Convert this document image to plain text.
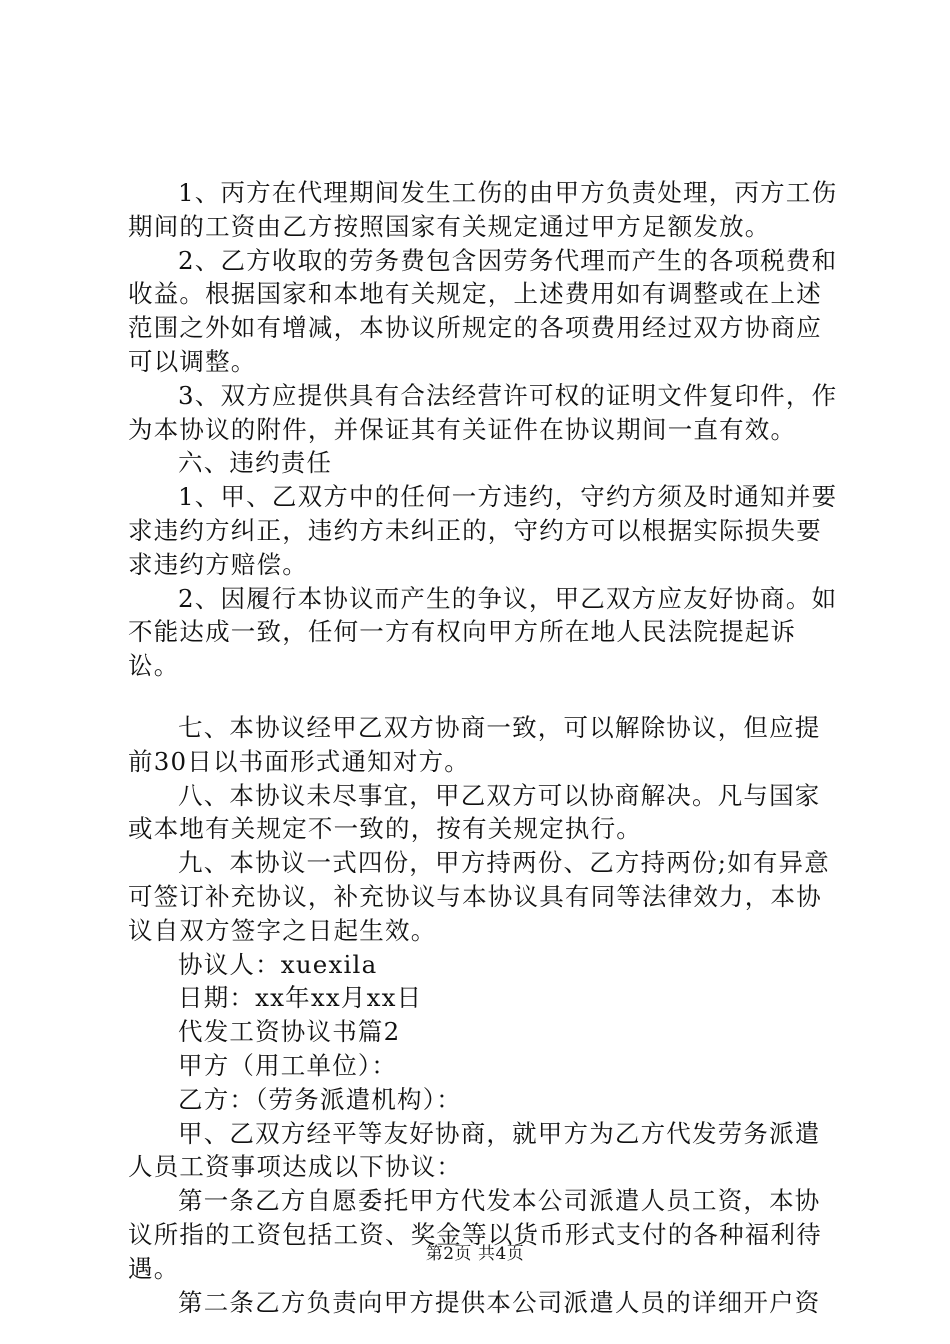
1、丙方在代理期间发生工伤的由甲方负责处理，丙方工伤期间的工资由乙方按照国家有关规定通过甲方足额发放。

2、乙方收取的劳务费包含因劳务代理而产生的各项税费和收益。根据国家和本地有关规定，上述费用如有调整或在上述范围之外如有增减，本协议所规定的各项费用经过双方协商应可以调整。

3、双方应提供具有合法经营许可权的证明文件复印件，作为本协议的附件，并保证其有关证件在协议期间一直有效。

六、违约责任

1、甲、乙双方中的任何一方违约，守约方须及时通知并要求违约方纠正，违约方未纠正的，守约方可以根据实际损失要求违约方赔偿。

2、因履行本协议而产生的争议，甲乙双方应友好协商。如不能达成一致，任何一方有权向甲方所在地人民法院提起诉讼。

七、本协议经甲乙双方协商一致，可以解除协议，但应提前30日以书面形式通知对方。

八、本协议未尽事宜，甲乙双方可以协商解决。凡与国家或本地有关规定不一致的，按有关规定执行。

九、本协议一式四份，甲方持两份、乙方持两份;如有异意可签订补充协议，补充协议与本协议具有同等法律效力，本协议自双方签字之日起生效。

协议人：xuexila

日期：xx年xx月xx日

代发工资协议书篇2

甲方（用工单位）：

乙方：（劳务派遣机构）：

甲、乙双方经平等友好协商，就甲方为乙方代发劳务派遣人员工资事项达成以下协议：

第一条乙方自愿委托甲方代发本公司派遣人员工资，本协议所指的工资包括工资、奖金等以货币形式支付的各种福利待遇。

第二条乙方负责向甲方提供本公司派遣人员的详细开户资

第2页 共4页
